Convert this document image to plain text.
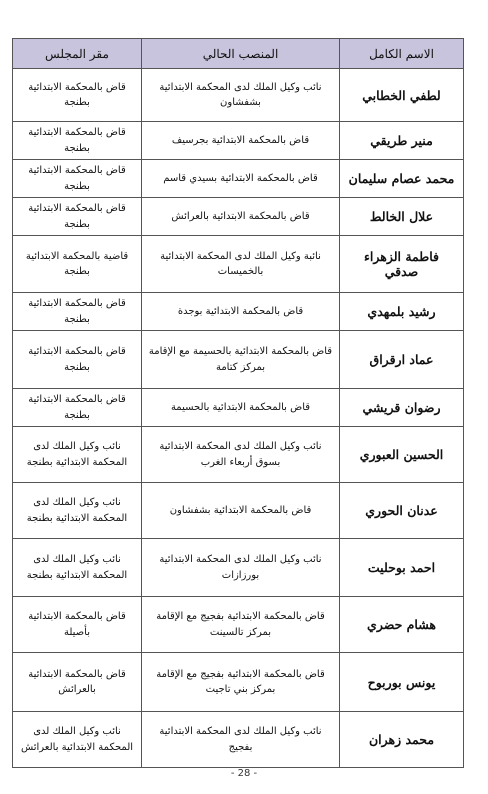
الاسم الكامل	المنصب الحالي	مقر المجلس
لطفي الخطابي	نائب وكيل الملك لدى المحكمة الابتدائية بشفشاون	قاض بالمحكمة الابتدائية بطنجة
منير طريقي	قاض بالمحكمة الابتدائية بجرسيف	قاض بالمحكمة الابتدائية بطنجة
محمد عصام سليمان	قاض بالمحكمة الابتدائية بسيدي قاسم	قاض بالمحكمة الابتدائية بطنجة
علال الخالط	قاض بالمحكمة الابتدائية بالعرائش	قاض بالمحكمة الابتدائية بطنجة
فاطمة الزهراء صدقي	نائبة وكيل الملك لدى المحكمة الابتدائية بالخميسات	قاضية بالمحكمة الابتدائية بطنجة
رشيد بلمهدي	قاض بالمحكمة الابتدائية بوجدة	قاض بالمحكمة الابتدائية بطنجة
عماد ارقراق	قاض بالمحكمة الابتدائية بالحسيمة مع الإقامة بمركز كتامة	قاض بالمحكمة الابتدائية بطنجة
رضوان قريشي	قاض بالمحكمة الابتدائية بالحسيمة	قاض بالمحكمة الابتدائية بطنجة
الحسين العبوري	نائب وكيل الملك لدى المحكمة الابتدائية بسوق أربعاء الغرب	نائب وكيل الملك لدى المحكمة الابتدائية بطنجة
عدنان الحوري	قاض بالمحكمة الابتدائية بشفشاون	نائب وكيل الملك لدى المحكمة الابتدائية بطنجة
احمد بوحليت	نائب وكيل الملك لدى المحكمة الابتدائية بورزازات	نائب وكيل الملك لدى المحكمة الابتدائية بطنجة
هشام حضري	قاض بالمحكمة الابتدائية بفجيج مع الإقامة بمركز تالسينت	قاض بالمحكمة الابتدائية بأصيلة
يونس بوربوح	قاض بالمحكمة الابتدائية بفجيج مع الإقامة بمركز بني تاجيت	قاض بالمحكمة الابتدائية بالعرائش
محمد زهران	نائب وكيل الملك لدى المحكمة الابتدائية بفجيج	نائب وكيل الملك لدى المحكمة الابتدائية بالعرائش
- 28 -
